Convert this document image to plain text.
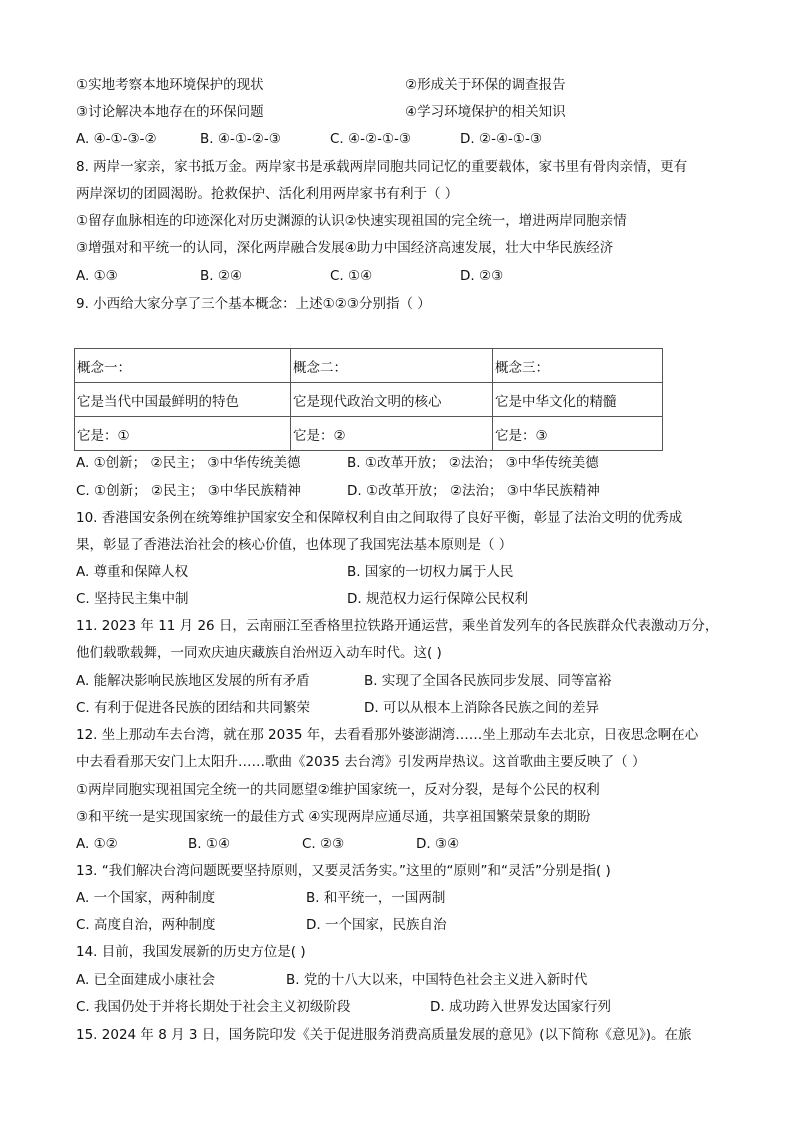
①实地考察本地环境保护的现状	②形成关于环保的调查报告
③讨论解决本地存在的环保问题	④学习环境保护的相关知识
A. ④-①-③-②	B. ④-①-②-③	C. ④-②-①-③	D. ②-④-①-③
8. 两岸一家亲，家书抵万金。两岸家书是承载两岸同胞共同记忆的重要载体，家书里有骨肉亲情，更有
两岸深切的团圆渴盼。抢救保护、活化利用两岸家书有利于（ ）
①留存血脉相连的印迹深化对历史渊源的认识②快速实现祖国的完全统一，增进两岸同胞亲情
③增强对和平统一的认同，深化两岸融合发展④助力中国经济高速发展，壮大中华民族经济
A. ①③	B. ②④	C. ①④	D. ②③
9. 小西给大家分享了三个基本概念：上述①②③分别指（ ）
概念一：	概念二：	概念三：
它是当代中国最鲜明的特色	它是现代政治文明的核心	它是中华文化的精髓
它是：①	它是：②	它是：③
A. ①创新； ②民主； ③中华传统美德	B. ①改革开放； ②法治； ③中华传统美德
C. ①创新； ②民主； ③中华民族精神	D. ①改革开放； ②法治； ③中华民族精神
10. 香港国安条例在统筹维护国家安全和保障权利自由之间取得了良好平衡，彰显了法治文明的优秀成
果，彰显了香港法治社会的核心价值，也体现了我国宪法基本原则是（ ）
A. 尊重和保障人权	B. 国家的一切权力属于人民
C. 坚持民主集中制	D. 规范权力运行保障公民权利
11. 2023 年 11 月 26 日，云南丽江至香格里拉铁路开通运营，乘坐首发列车的各民族群众代表激动万分，
他们载歌载舞，一同欢庆迪庆藏族自治州迈入动车时代。这( )
A. 能解决影响民族地区发展的所有矛盾	B. 实现了全国各民族同步发展、同等富裕
C. 有利于促进各民族的团结和共同繁荣	D. 可以从根本上消除各民族之间的差异
12. 坐上那动车去台湾，就在那 2035 年，去看看那外婆澎湖湾……坐上那动车去北京，日夜思念啊在心
中去看看那天安门上太阳升……歌曲《2035 去台湾》引发两岸热议。这首歌曲主要反映了（ ）
①两岸同胞实现祖国完全统一的共同愿望②维护国家统一，反对分裂，是每个公民的权利
③和平统一是实现国家统一的最佳方式 ④实现两岸应通尽通，共享祖国繁荣景象的期盼
A. ①②	B. ①④	C. ②③	D. ③④
13. “我们解决台湾问题既要坚持原则，又要灵活务实。”这里的“原则”和“灵活”分别是指( )
A. 一个国家，两种制度	B. 和平统一，一国两制
C. 高度自治，两种制度	D. 一个国家，民族自治
14. 目前，我国发展新的历史方位是( )
A. 已全面建成小康社会	B. 党的十八大以来，中国特色社会主义进入新时代
C. 我国仍处于并将长期处于社会主义初级阶段	D. 成功跨入世界发达国家行列
15. 2024 年 8 月 3 日，国务院印发《关于促进服务消费高质量发展的意见》(以下简称《意见》)。在旅
